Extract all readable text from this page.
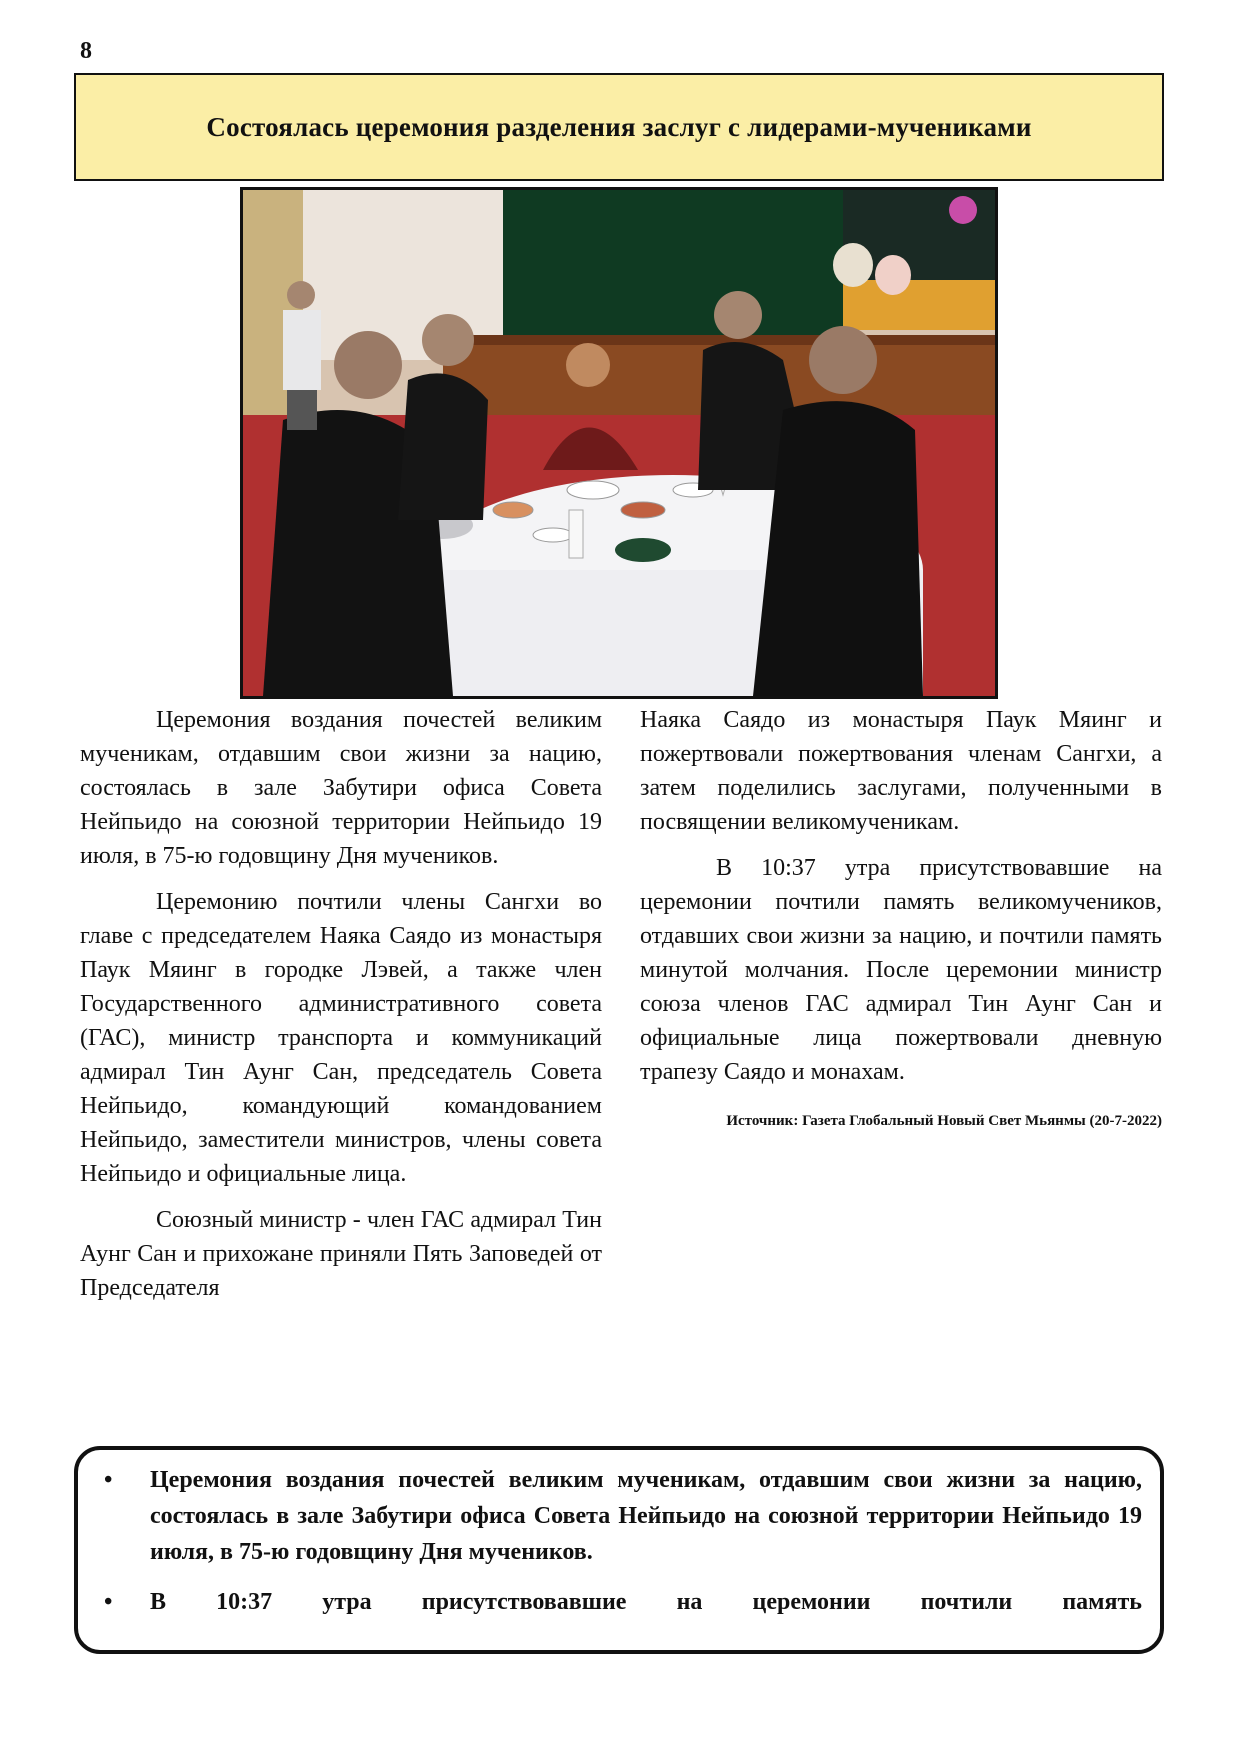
8
Состоялась церемония разделения заслуг с лидерами-мучениками

Церемония воздания почестей великим мученикам, отдавшим свои жизни за нацию, состоялась в зале Забутири офиса Совета Нейпьидо на союзной территории Нейпьидо 19 июля, в 75-ю годовщину Дня мучеников.

Церемонию почтили члены Сангхи во главе с председателем Наяка Саядо из монастыря Паук Мяинг в городке Лэвей, а также член Государственного административного совета (ГАС), министр транспорта и коммуникаций адмирал Тин Аунг Сан, председатель Совета Нейпьидо, командующий командованием Нейпьидо, заместители министров, члены совета Нейпьидо и официальные лица.

Союзный министр - член ГАС адмирал Тин Аунг Сан и прихожане приняли Пять Заповедей от Председателя

Наяка Саядо из монастыря Паук Мяинг и пожертвовали пожертвования членам Сангхи, а затем поделились заслугами, полученными в посвящении великомученикам.

В 10:37 утра присутствовавшие на церемонии почтили память великомучеников, отдавших свои жизни за нацию, и почтили память минутой молчания. После церемонии министр союза членов ГАС адмирал Тин Аунг Сан и официальные лица пожертвовали дневную трапезу Саядо и монахам.

Источник: Газета Глобальный Новый Свет Мьянмы (20-7-2022)
• Церемония воздания почестей великим мученикам, отдавшим свои жизни за нацию, состоялась в зале Забутири офиса Совета Нейпьидо на союзной территории Нейпьидо 19 июля, в 75-ю годовщину Дня мучеников.
• В 10:37 утра присутствовавшие на церемонии почтили память
